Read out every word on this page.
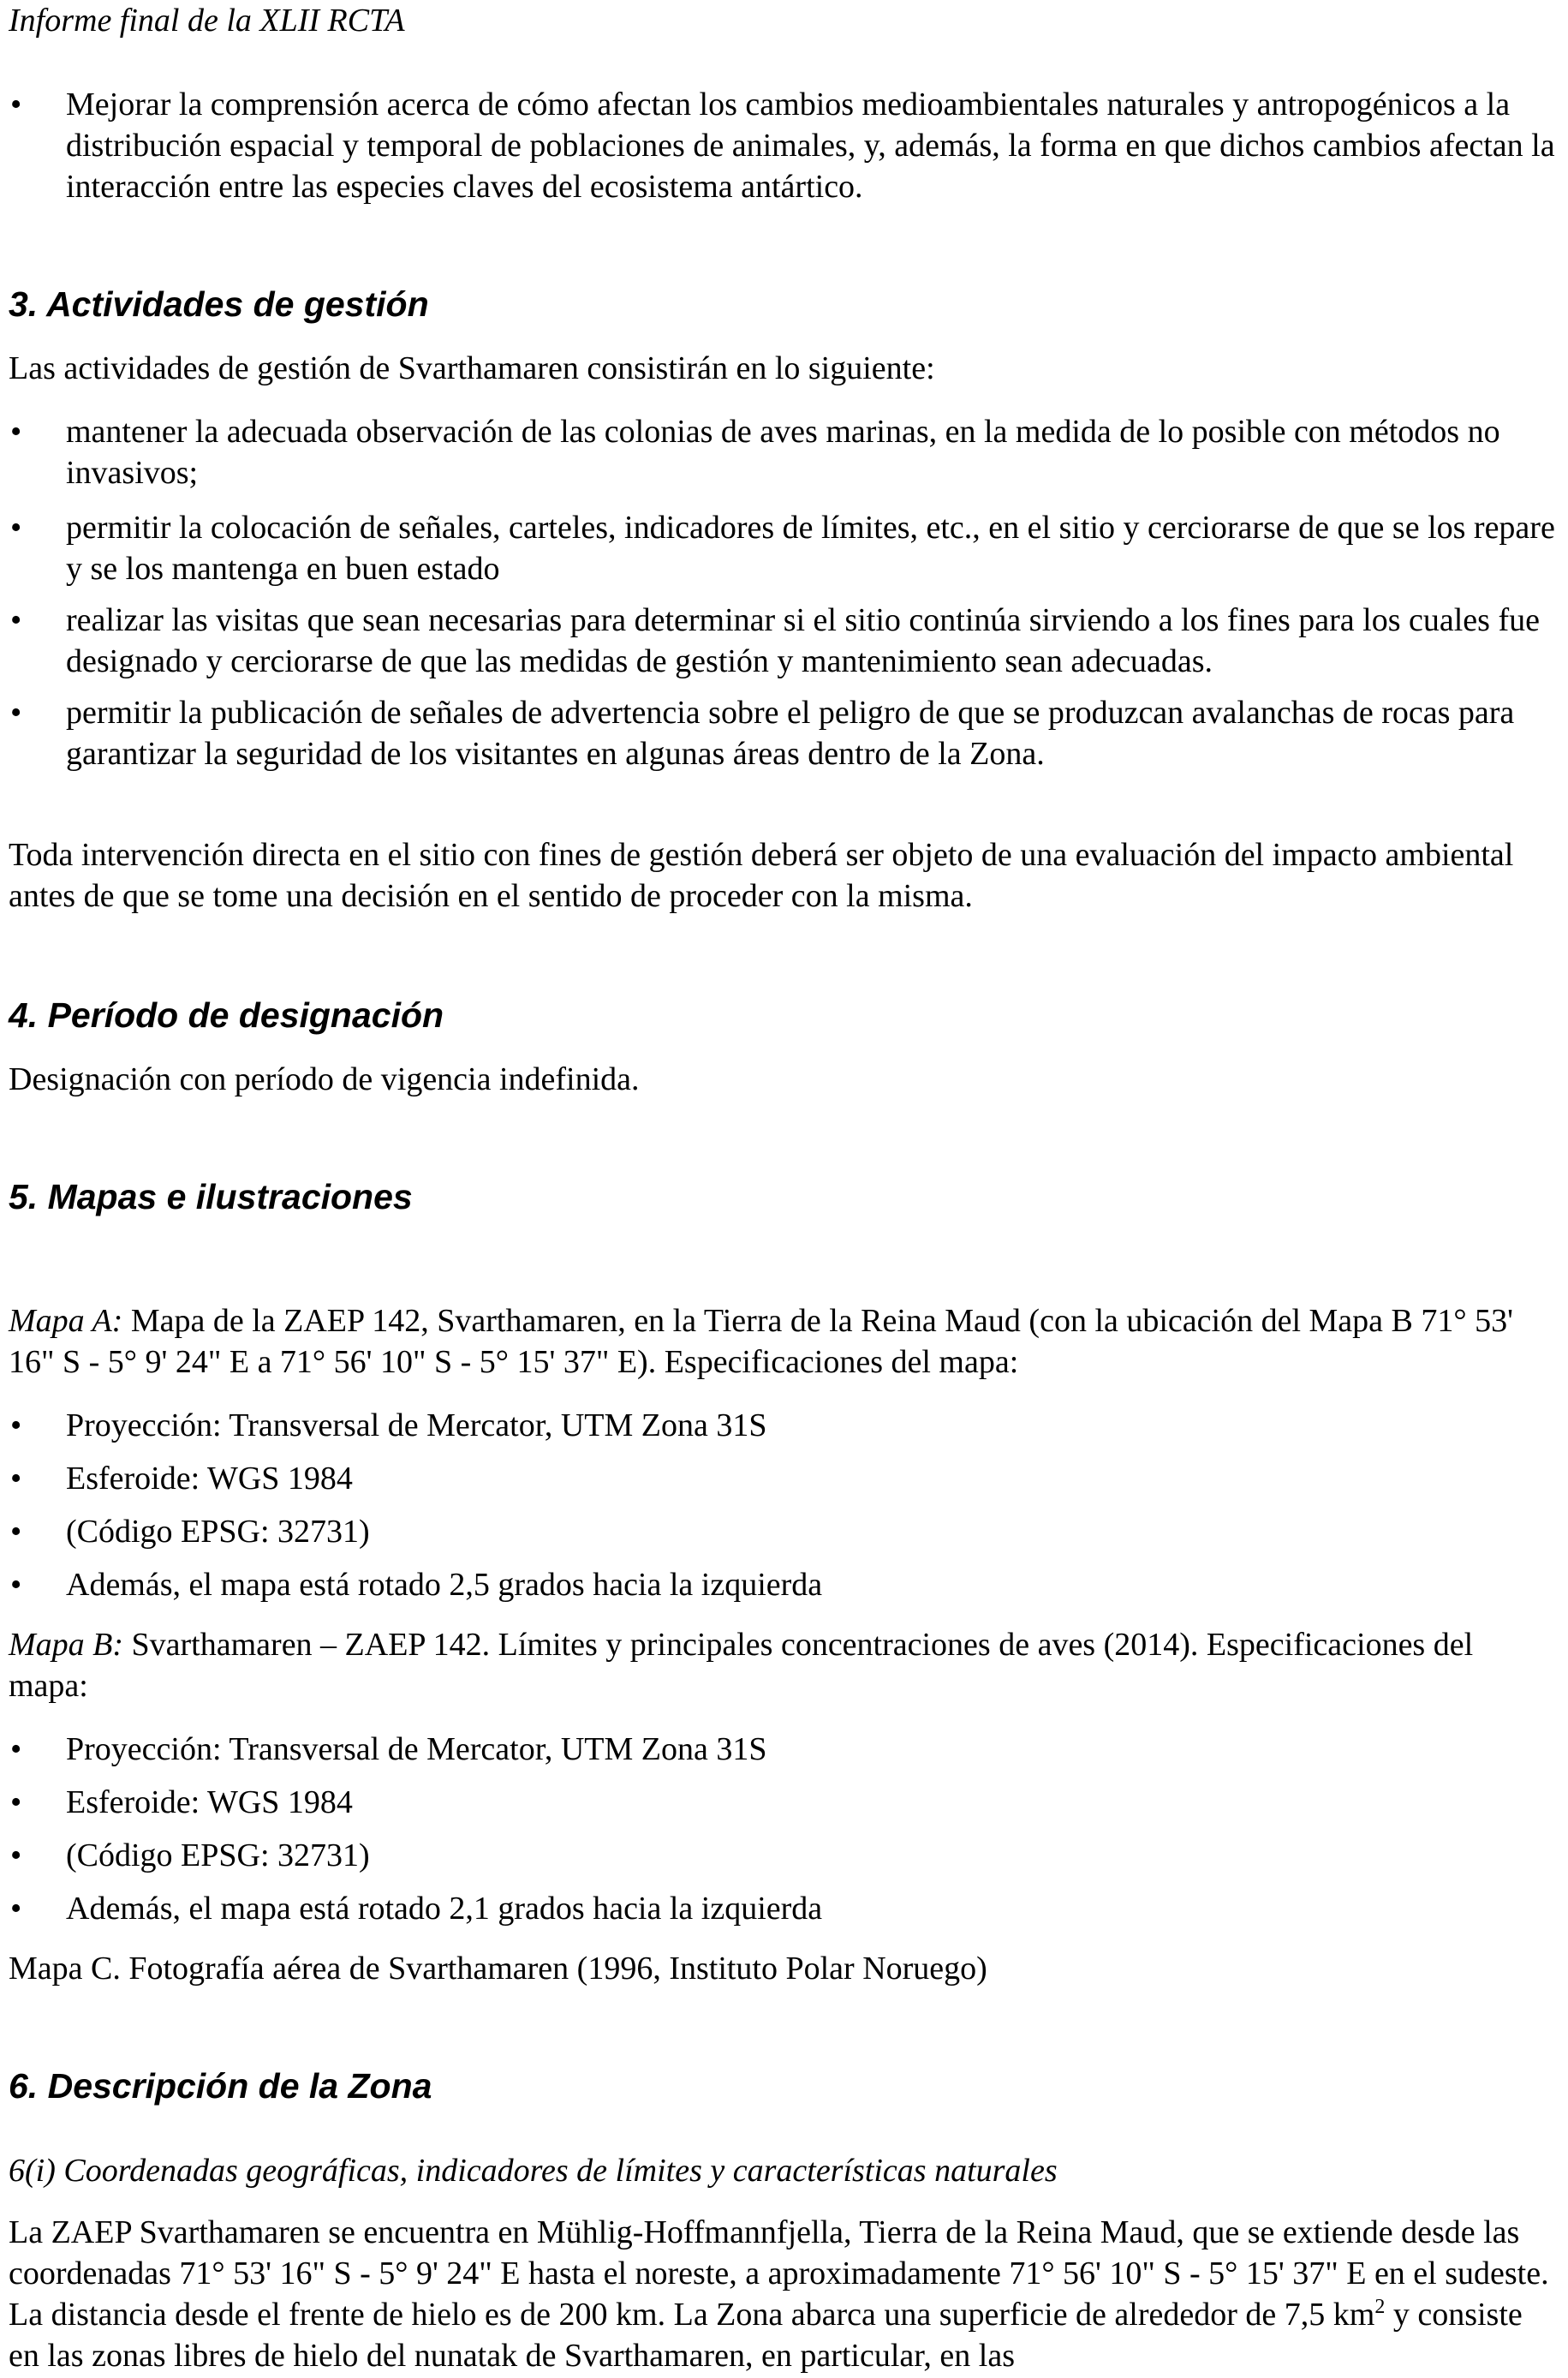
Informe final de la XLII RCTA
• Mejorar la comprensión acerca de cómo afectan los cambios medioambientales naturales y antropogénicos a la distribución espacial y temporal de poblaciones de animales, y, además, la forma en que dichos cambios afectan la interacción entre las especies claves del ecosistema antártico.
3. Actividades de gestión
Las actividades de gestión de Svarthamaren consistirán en lo siguiente:
• mantener la adecuada observación de las colonias de aves marinas, en la medida de lo posible con métodos no invasivos;
• permitir la colocación de señales, carteles, indicadores de límites, etc., en el sitio y cerciorarse de que se los repare y se los mantenga en buen estado
• realizar las visitas que sean necesarias para determinar si el sitio continúa sirviendo a los fines para los cuales fue designado y cerciorarse de que las medidas de gestión y mantenimiento sean adecuadas.
• permitir la publicación de señales de advertencia sobre el peligro de que se produzcan avalanchas de rocas para garantizar la seguridad de los visitantes en algunas áreas dentro de la Zona.
Toda intervención directa en el sitio con fines de gestión deberá ser objeto de una evaluación del impacto ambiental antes de que se tome una decisión en el sentido de proceder con la misma.
4. Período de designación
Designación con período de vigencia indefinida.
5. Mapas e ilustraciones
Mapa A: Mapa de la ZAEP 142, Svarthamaren, en la Tierra de la Reina Maud (con la ubicación del Mapa B 71° 53' 16" S - 5° 9' 24" E a 71° 56' 10" S - 5° 15' 37" E). Especificaciones del mapa:
• Proyección: Transversal de Mercator, UTM Zona 31S
• Esferoide: WGS 1984
• (Código EPSG: 32731)
• Además, el mapa está rotado 2,5 grados hacia la izquierda
Mapa B: Svarthamaren – ZAEP 142. Límites y principales concentraciones de aves (2014). Especificaciones del mapa:
• Proyección: Transversal de Mercator, UTM Zona 31S
• Esferoide: WGS 1984
• (Código EPSG: 32731)
• Además, el mapa está rotado 2,1 grados hacia la izquierda
Mapa C. Fotografía aérea de Svarthamaren (1996, Instituto Polar Noruego)
6. Descripción de la Zona
6(i) Coordenadas geográficas, indicadores de límites y características naturales
La ZAEP Svarthamaren se encuentra en Mühlig-Hoffmannfjella, Tierra de la Reina Maud, que se extiende desde las coordenadas 71° 53' 16" S - 5° 9' 24" E hasta el noreste, a aproximadamente 71° 56' 10" S - 5° 15' 37" E en el sudeste. La distancia desde el frente de hielo es de 200 km. La Zona abarca una superficie de alrededor de 7,5 $km^2$ y consiste en las zonas libres de hielo del nunatak de Svarthamaren, en particular, en las
